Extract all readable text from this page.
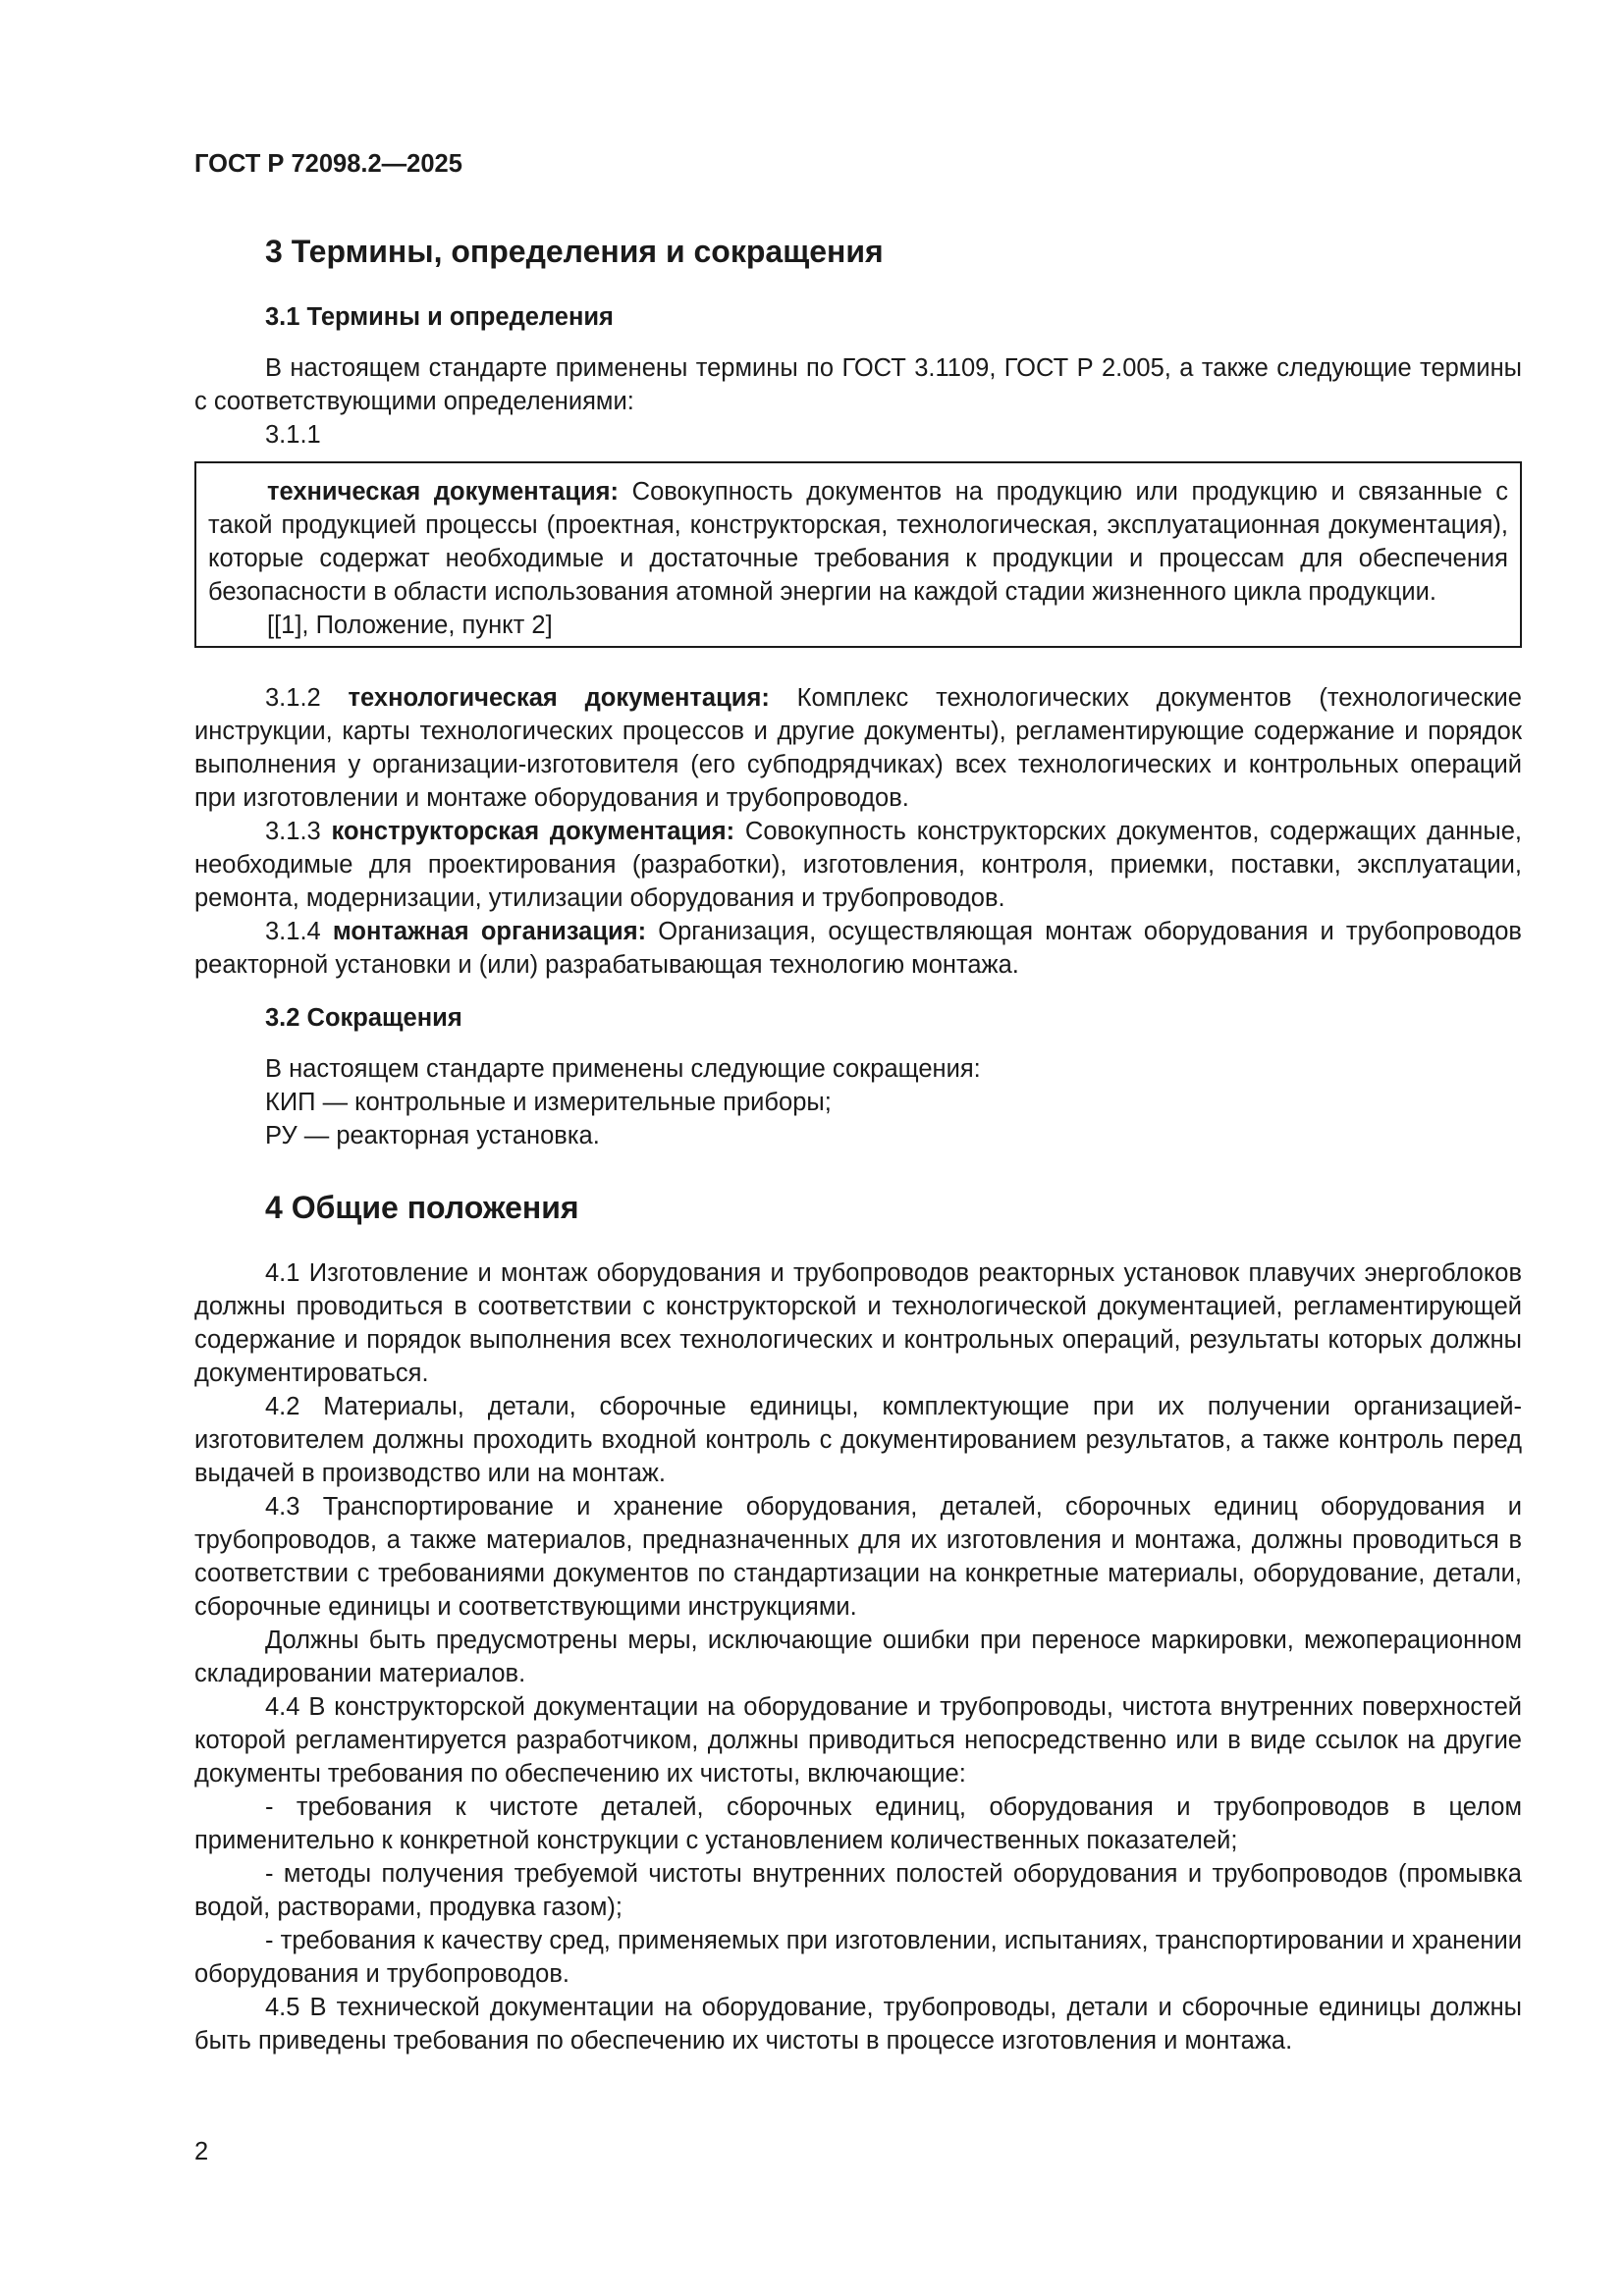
ГОСТ Р 72098.2—2025
3 Термины, определения и сокращения
3.1 Термины и определения

В настоящем стандарте применены термины по ГОСТ 3.1109, ГОСТ Р 2.005, а также следующие термины с соответствующими определениями:

3.1.1

техническая документация: Совокупность документов на продукцию или продукцию и связанные с такой продукцией процессы (проектная, конструкторская, технологическая, эксплуатационная документация), которые содержат необходимые и достаточные требования к продукции и процессам для обеспечения безопасности в области использования атомной энергии на каждой стадии жизненного цикла продукции.

[[1], Положение, пункт 2]

3.1.2 технологическая документация: Комплекс технологических документов (технологические инструкции, карты технологических процессов и другие документы), регламентирующие содержание и порядок выполнения у организации-изготовителя (его субподрядчиках) всех технологических и контрольных операций при изготовлении и монтаже оборудования и трубопроводов.

3.1.3 конструкторская документация: Совокупность конструкторских документов, содержащих данные, необходимые для проектирования (разработки), изготовления, контроля, приемки, поставки, эксплуатации, ремонта, модернизации, утилизации оборудования и трубопроводов.

3.1.4 монтажная организация: Организация, осуществляющая монтаж оборудования и трубопроводов реакторной установки и (или) разрабатывающая технологию монтажа.

3.2 Сокращения

В настоящем стандарте применены следующие сокращения:

КИП — контрольные и измерительные приборы;

РУ — реакторная установка.

4 Общие положения

4.1 Изготовление и монтаж оборудования и трубопроводов реакторных установок плавучих энергоблоков должны проводиться в соответствии с конструкторской и технологической документацией, регламентирующей содержание и порядок выполнения всех технологических и контрольных операций, результаты которых должны документироваться.

4.2 Материалы, детали, сборочные единицы, комплектующие при их получении организацией-изготовителем должны проходить входной контроль с документированием результатов, а также контроль перед выдачей в производство или на монтаж.

4.3 Транспортирование и хранение оборудования, деталей, сборочных единиц оборудования и трубопроводов, а также материалов, предназначенных для их изготовления и монтажа, должны проводиться в соответствии с требованиями документов по стандартизации на конкретные материалы, оборудование, детали, сборочные единицы и соответствующими инструкциями.

Должны быть предусмотрены меры, исключающие ошибки при переносе маркировки, межоперационном складировании материалов.

4.4 В конструкторской документации на оборудование и трубопроводы, чистота внутренних поверхностей которой регламентируется разработчиком, должны приводиться непосредственно или в виде ссылок на другие документы требования по обеспечению их чистоты, включающие:

- требования к чистоте деталей, сборочных единиц, оборудования и трубопроводов в целом применительно к конкретной конструкции с установлением количественных показателей;

- методы получения требуемой чистоты внутренних полостей оборудования и трубопроводов (промывка водой, растворами, продувка газом);

- требования к качеству сред, применяемых при изготовлении, испытаниях, транспортировании и хранении оборудования и трубопроводов.

4.5 В технической документации на оборудование, трубопроводы, детали и сборочные единицы должны быть приведены требования по обеспечению их чистоты в процессе изготовления и монтажа.

2
